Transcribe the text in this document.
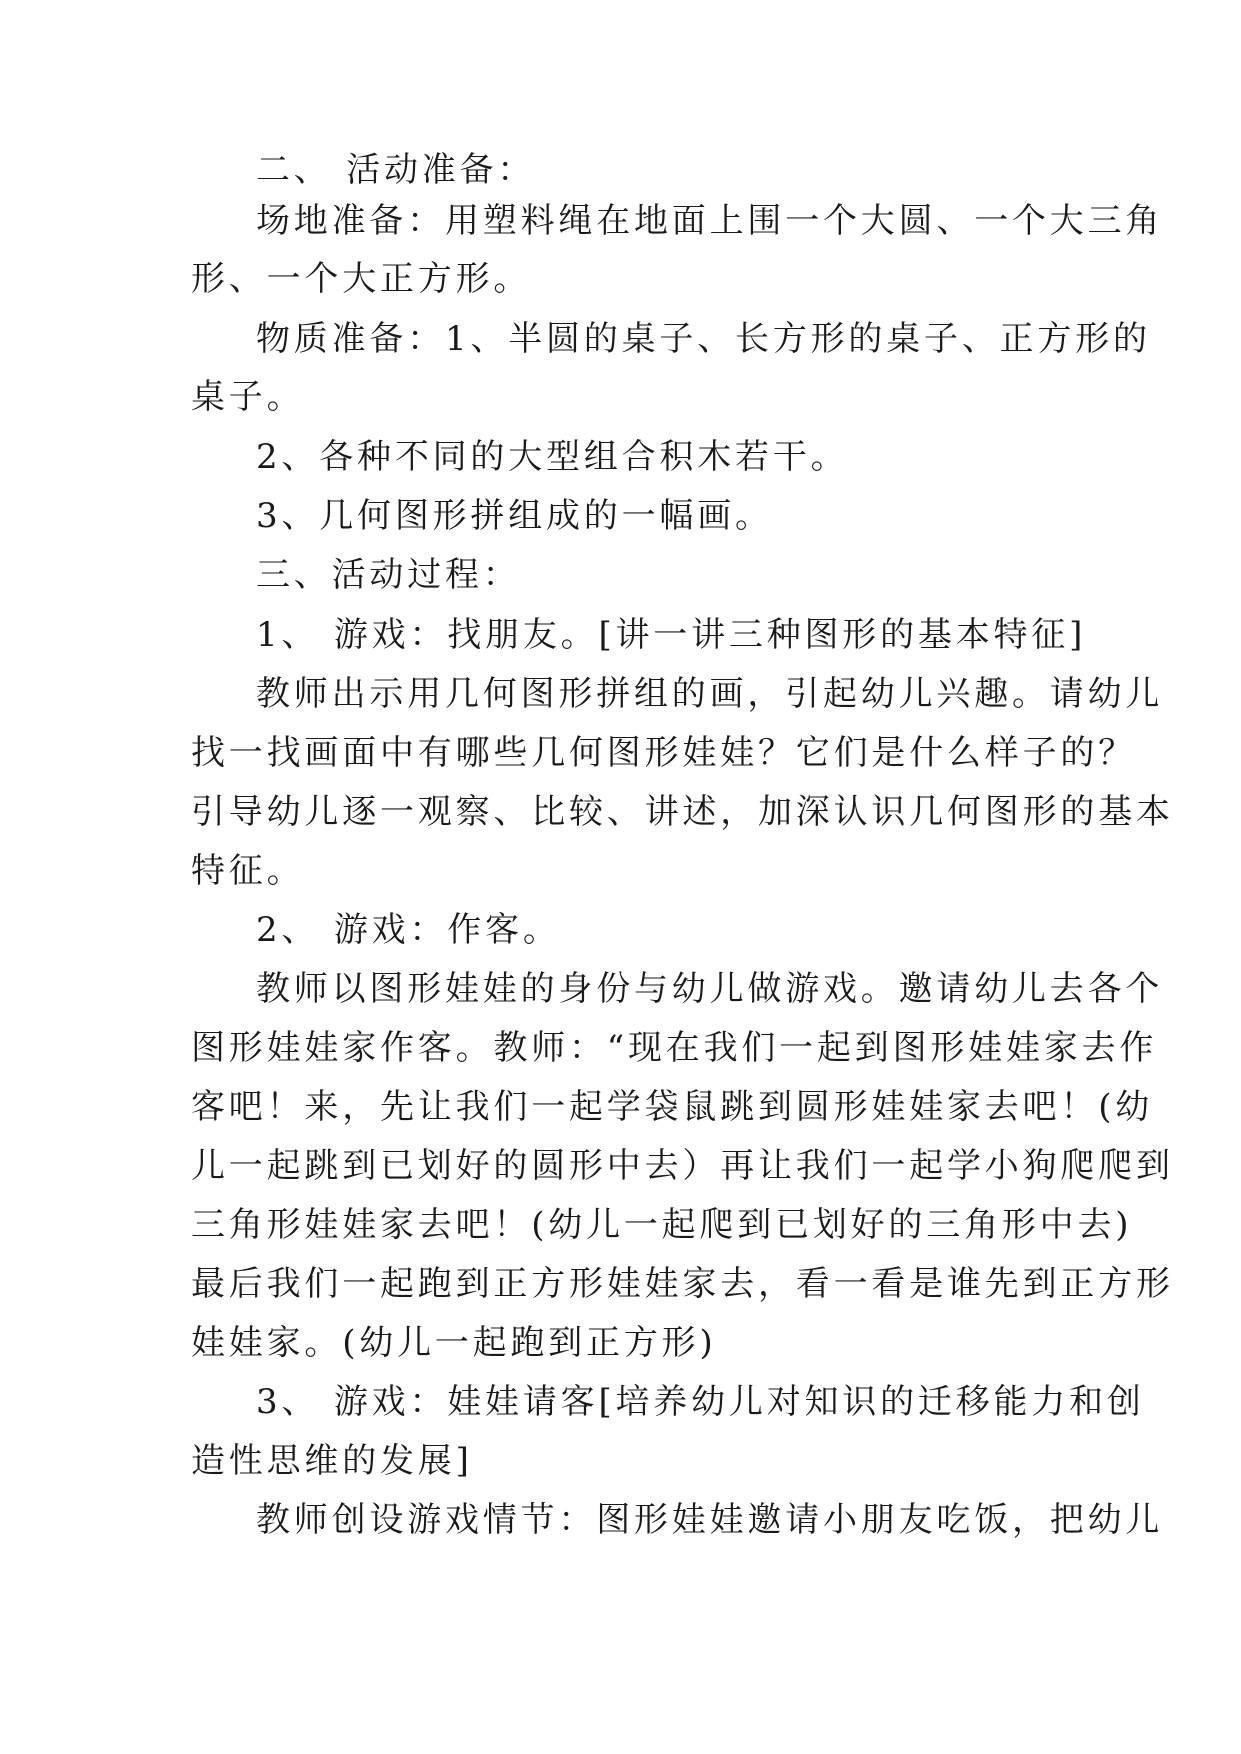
二、 活动准备：
场地准备：用塑料绳在地面上围一个大圆、一个大三角
形、一个大正方形。
物质准备：1、半圆的桌子、长方形的桌子、正方形的
桌子。
2、各种不同的大型组合积木若干。
3、几何图形拼组成的一幅画。
三、活动过程：
1、 游戏：找朋友。[讲一讲三种图形的基本特征]
教师出示用几何图形拼组的画，引起幼儿兴趣。请幼儿
找一找画面中有哪些几何图形娃娃？它们是什么样子的？
引导幼儿逐一观察、比较、讲述，加深认识几何图形的基本
特征。
2、 游戏：作客。
教师以图形娃娃的身份与幼儿做游戏。邀请幼儿去各个
图形娃娃家作客。教师：“现在我们一起到图形娃娃家去作
客吧！来，先让我们一起学袋鼠跳到圆形娃娃家去吧！(幼
儿一起跳到已划好的圆形中去）再让我们一起学小狗爬爬到
三角形娃娃家去吧！(幼儿一起爬到已划好的三角形中去)
最后我们一起跑到正方形娃娃家去，看一看是谁先到正方形
娃娃家。(幼儿一起跑到正方形)
3、 游戏：娃娃请客[培养幼儿对知识的迁移能力和创
造性思维的发展]
教师创设游戏情节：图形娃娃邀请小朋友吃饭，把幼儿
